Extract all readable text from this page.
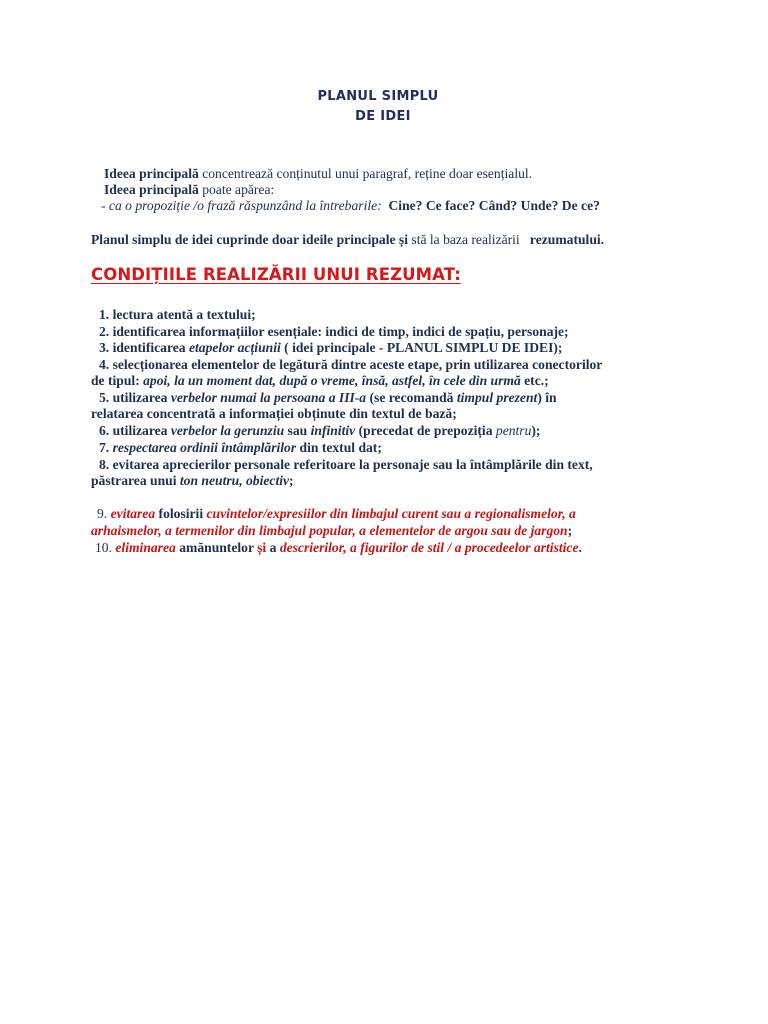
PLANUL SIMPLU
DE IDEI
Ideea principală concentrează conținutul unui paragraf, reține doar esențialul.
Ideea principală poate apărea:
- ca o propoziție /o frază răspunzând la întrebarile: Cine? Ce face? Când? Unde? De ce?
Planul simplu de idei cuprinde doar ideile principale și stă la baza realizării rezumatului.
CONDIȚIILE REALIZĂRII UNUI REZUMAT:
1. lectura atentă a textului;
2. identificarea informațiilor esențiale: indici de timp, indici de spațiu, personaje;
3. identificarea etapelor acțiunii ( idei principale - PLANUL SIMPLU DE IDEI);
4. selecționarea elementelor de legătură dintre aceste etape, prin utilizarea conectorilor
de tipul: apoi, la un moment dat, după o vreme, însă, astfel, în cele din urmă etc.;
5. utilizarea verbelor numai la persoana a III-a (se recomandă timpul prezent) în
relatarea concentrată a informației obținute din textul de bază;
6. utilizarea verbelor la gerunziu sau infinitiv (precedat de prepoziția pentru);
7. respectarea ordinii întâmplărilor din textul dat;
8. evitarea aprecierilor personale referitoare la personaje sau la întâmplările din text,
păstrarea unui ton neutru, obiectiv;
9. evitarea folosirii cuvintelor/expresiilor din limbajul curent sau a regionalismelor, a
arhaismelor, a termenilor din limbajul popular, a elementelor de argou sau de jargon;
10. eliminarea amănuntelor și a descrierilor, a figurilor de stil / a procedeelor artistice.
